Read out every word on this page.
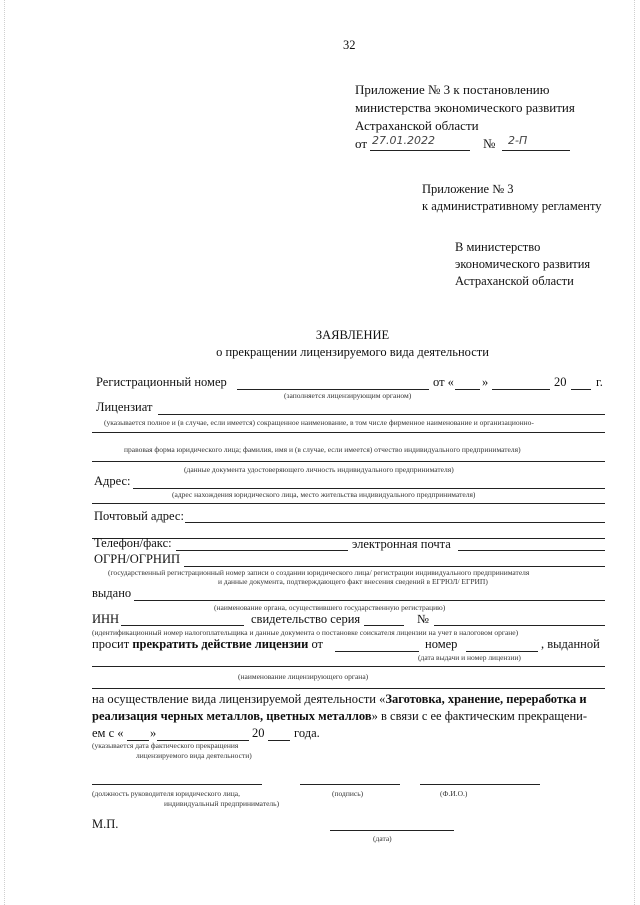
32
Приложение № 3 к постановлению
министерства экономического развития
Астраханской области
от 27.01.2022	№ 2-П
Приложение № 3
к административному регламенту
В министерство
экономического развития
Астраханской области
ЗАЯВЛЕНИЕ
о прекращении лицензируемого вида деятельности
Регистрационный номер	от « »	20 г.
(заполняется лицензирующим органом)
Лицензиат
(указывается полное и (в случае, если имеется) сокращенное наименование, в том числе фирменное наименование и организационно-
правовая форма юридического лица; фамилия, имя и (в случае, если имеется) отчество индивидуального предпринимателя)
(данные документа удостоверяющего личность индивидуального предпринимателя)
Адрес:
(адрес нахождения юридического лица, место жительства индивидуального предпринимателя)
Почтовый адрес:
Телефон/факс:	электронная почта
ОГРН/ОГРНИП
(государственный регистрационный номер записи о создании юридического лица/ регистрации индивидуального предпринимателя
и данные документа, подтверждающего факт внесения сведений в ЕГРЮЛ/ ЕГРИП)
выдано
(наименование органа, осуществившего государственную регистрацию)
ИНН	свидетельство серия	№
(идентификационный номер налогоплательщика и данные документа о постановке соискателя лицензии на учет в налоговом органе)
просит прекратить действие лицензии от	номер	, выданной
(дата выдачи и номер лицензии)
(наименование лицензирующего органа)
на осуществление вида лицензируемой деятельности «Заготовка, хранение, переработка и
реализация черных металлов, цветных металлов» в связи с ее фактическим прекращени-
ем с « »	20 года.
(указывается дата фактического прекращения
лицензируемого вида деятельности)
(должность руководителя юридического лица,
индивидуальный предприниматель)
(подпись)	(Ф.И.О.)
М.П.
(дата)
